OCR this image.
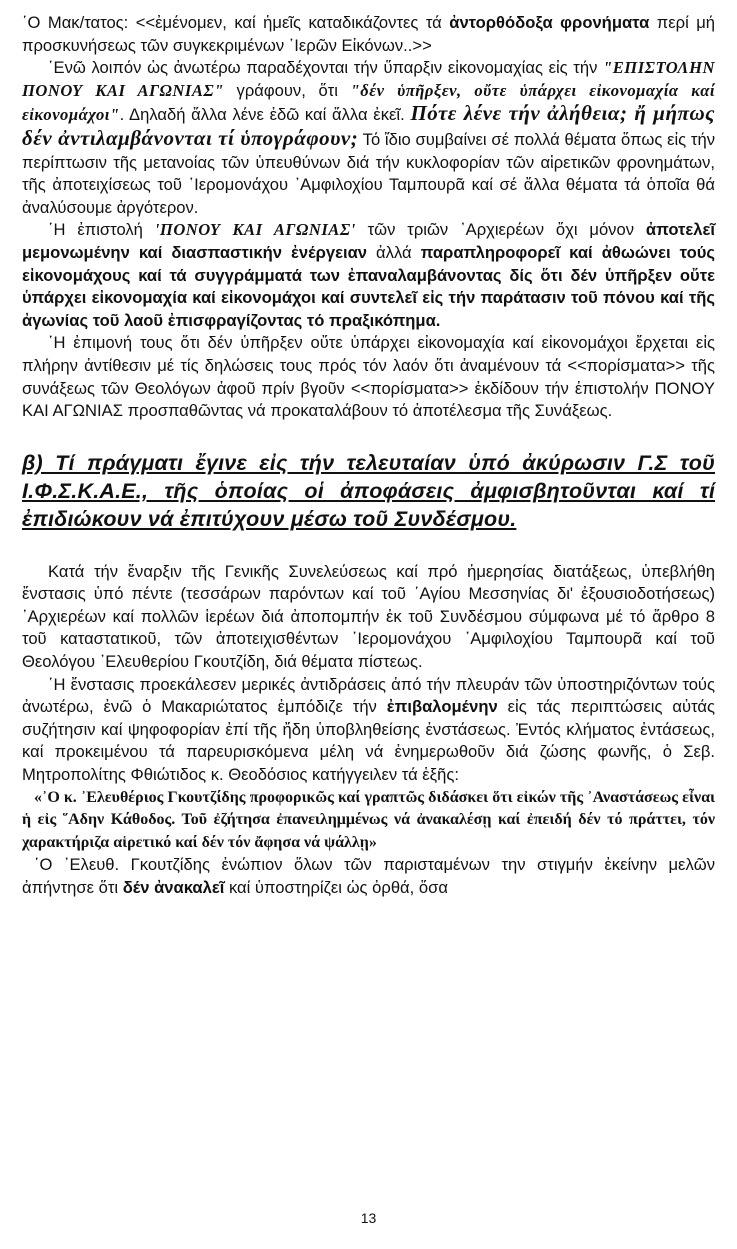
῾Ο Μακ/τατος: <<ἐμένομεν, καί ἡμεῖς καταδικάζοντες τά ἀντορθόδοξα φρονήματα περί μή προσκυνήσεως τῶν συγκεκριμένων ῾Ιερῶν Εἰκόνων..>>

῾Ενῶ λοιπόν ὡς ἀνωτέρω παραδέχονται τήν ὕπαρξιν εἰκονομαχίας εἰς τήν "ΕΠΙΣΤΟΛΗΝ ΠΟΝΟΥ ΚΑΙ ΑΓΩΝΙΑΣ" γράφουν, ὅτι "δέν ὑπῆρξεν, οὔτε ὑπάρχει εἰκονομαχία καί εἰκονομάχοι". Δηλαδή ἄλλα λένε ἐδῶ καί ἄλλα ἐκεῖ. Πότε λένε τήν ἀλήθεια; ἤ μήπως δέν ἀντιλαμβάνονται τί ὑπογράφουν; Τό ἴδιο συμβαίνει σέ πολλά θέματα ὅπως εἰς τήν περίπτωσιν τῆς μετανοίας τῶν ὑπευθύνων διά τήν κυκλοφορίαν τῶν αἱρετικῶν φρονημάτων, τῆς ἀποτειχίσεως τοῦ ῾Ιερομονάχου ᾿Αμφιλοχίου Ταμπουρᾶ καί σέ ἄλλα θέματα τά ὁποῖα θά ἀναλύσουμε ἀργότερον.

῾Η ἐπιστολή 'ΠΟΝΟΥ ΚΑΙ ΑΓΩΝΙΑΣ' τῶν τριῶν ᾿Αρχιερέων ὄχι μόνον ἀποτελεῖ μεμονωμένην καί διασπαστικήν ἐνέργειαν ἀλλά παραπληροφορεῖ καί ἀθωώνει τούς εἰκονομάχους καί τά συγγράμματά των ἐπαναλαμβάνοντας δίς ὅτι δέν ὑπῆρξεν οὔτε ὑπάρχει εἰκονομαχία καί εἰκονομάχοι καί συντελεῖ εἰς τήν παράτασιν τοῦ πόνου καί τῆς ἀγωνίας τοῦ λαοῦ ἐπισφραγίζοντας τό πραξικόπημα.

῾Η ἐπιμονή τους ὅτι δέν ὑπῆρξεν οὔτε ὑπάρχει εἰκονομαχία καί εἰκονομάχοι ἔρχεται εἰς πλήρην ἀντίθεσιν μέ τίς δηλώσεις τους πρός τόν λαόν ὅτι ἀναμένουν τά <<πορίσματα>> τῆς συνάξεως τῶν Θεολόγων ἀφοῦ πρίν βγοῦν <<πορίσματα>> ἐκδίδουν τήν ἐπιστολήν ΠΟΝΟΥ ΚΑΙ ΑΓΩΝΙΑΣ προσπαθῶντας νά προκαταλάβουν τό ἀποτέλεσμα τῆς Συνάξεως.

β) Τί πράγματι ἔγινε εἰς τήν τελευταίαν ὑπό ἀκύρωσιν Γ.Σ τοῦ Ι.Φ.Σ.Κ.Α.Ε., τῆς ὁποίας οἱ ἀποφάσεις ἀμφισβητοῦνται καί τί ἐπιδιώκουν νά ἐπιτύχουν μέσω τοῦ Συνδέσμου.

Κατά τήν ἔναρξιν τῆς Γενικῆς Συνελεύσεως καί πρό ἡμερησίας διατάξεως, ὑπεβλήθη ἔνστασις ὑπό πέντε (τεσσάρων παρόντων καί τοῦ ῾Αγίου Μεσσηνίας δι' ἐξουσιοδοτήσεως) ᾿Αρχιερέων καί πολλῶν ἱερέων διά ἀποπομπήν ἐκ τοῦ Συνδέσμου σύμφωνα μέ τό ἄρθρο 8 τοῦ καταστατικοῦ, τῶν ἀποτειχισθέντων ῾Ιερομονάχου ᾿Αμφιλοχίου Ταμπουρᾶ καί τοῦ Θεολόγου ᾿Ελευθερίου Γκουτζίδη, διά θέματα πίστεως.

῾Η ἔνστασις προεκάλεσεν μερικές ἀντιδράσεις ἀπό τήν πλευράν τῶν ὑποστηριζόντων τούς ἀνωτέρω, ἐνῶ ὁ Μακαριώτατος ἐμπόδιζε τήν ἐπιβαλομένην εἰς τάς περιπτώσεις αὐτάς συζήτησιν καί ψηφοφορίαν ἐπί τῆς ἤδη ὑποβληθείσης ἐνστάσεως. Ἐντός κλήματος ἐντάσεως, καί προκειμένου τά παρευρισκόμενα μέλη νά ἐνημερωθοῦν διά ζώσης φωνῆς, ὁ Σεβ. Μητροπολίτης Φθιώτιδος κ. Θεοδόσιος κατήγγειλεν τά ἑξῆς:

«᾿Ο κ. ᾿Ελευθέριος Γκουτζίδης προφορικῶς καί γραπτῶς διδάσκει ὅτι εἰκών τῆς ᾿Αναστάσεως εἶναι ἡ εἰς ῞Αδην Κάθοδος. Τοῦ ἐζήτησα ἐπανειλημμένως νά ἀνακαλέσῃ καί ἐπειδή δέν τό πράττει, τόν χαρακτήριζα αἱρετικό καί δέν τόν ἄφησα νά ψάλλῃ»

῾Ο ᾿Ελευθ. Γκουτζίδης ἐνώπιον ὅλων τῶν παρισταμένων την στιγμήν ἐκείνην μελῶν ἀπήντησε ὅτι δέν ἀνακαλεῖ καί ὑποστηρίζει ὡς ὀρθά, ὅσα

13
